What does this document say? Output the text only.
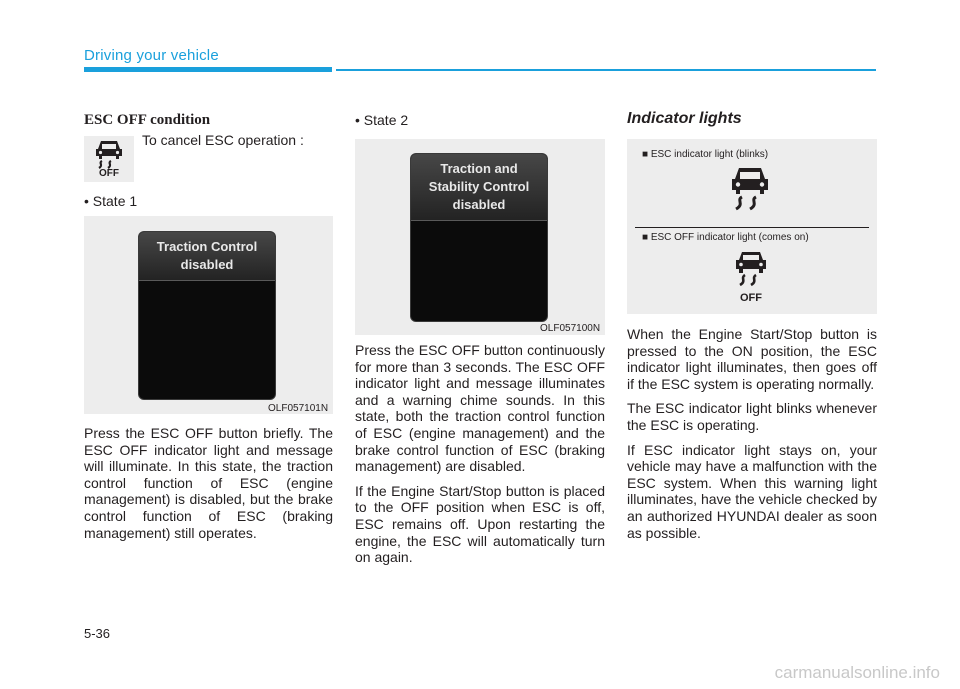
Driving your vehicle
ESC OFF condition
OFF
To cancel ESC operation :
• State 1
Traction Control
disabled
OLF057101N

Press the ESC OFF button briefly. The ESC OFF indicator light and message will illuminate. In this state, the traction control function of ESC (engine management) is disabled, but the brake control function of ESC (braking management) still operates.

• State 2
Traction and
Stability Control
disabled
OLF057100N

Press the ESC OFF button continuously for more than 3 seconds. The ESC OFF indicator light and message illuminates and a warning chime sounds. In this state, both the traction control function of ESC (engine management) and the brake control function of ESC (braking management) are disabled.

If the Engine Start/Stop button is placed to the OFF position when ESC is off, ESC remains off. Upon restarting the engine, the ESC will automatically turn on again.

Indicator lights
■ ESC indicator light (blinks)
■ ESC OFF indicator light (comes on)
OFF

When the Engine Start/Stop button is pressed to the ON position, the ESC indicator light illuminates, then goes off if the ESC system is operating normally.

The ESC indicator light blinks whenever the ESC is operating.

If ESC indicator light stays on, your vehicle may have a malfunction with the ESC system. When this warning light illuminates, have the vehicle checked by an authorized HYUNDAI dealer as soon as possible.

5-36
carmanualsonline.info
